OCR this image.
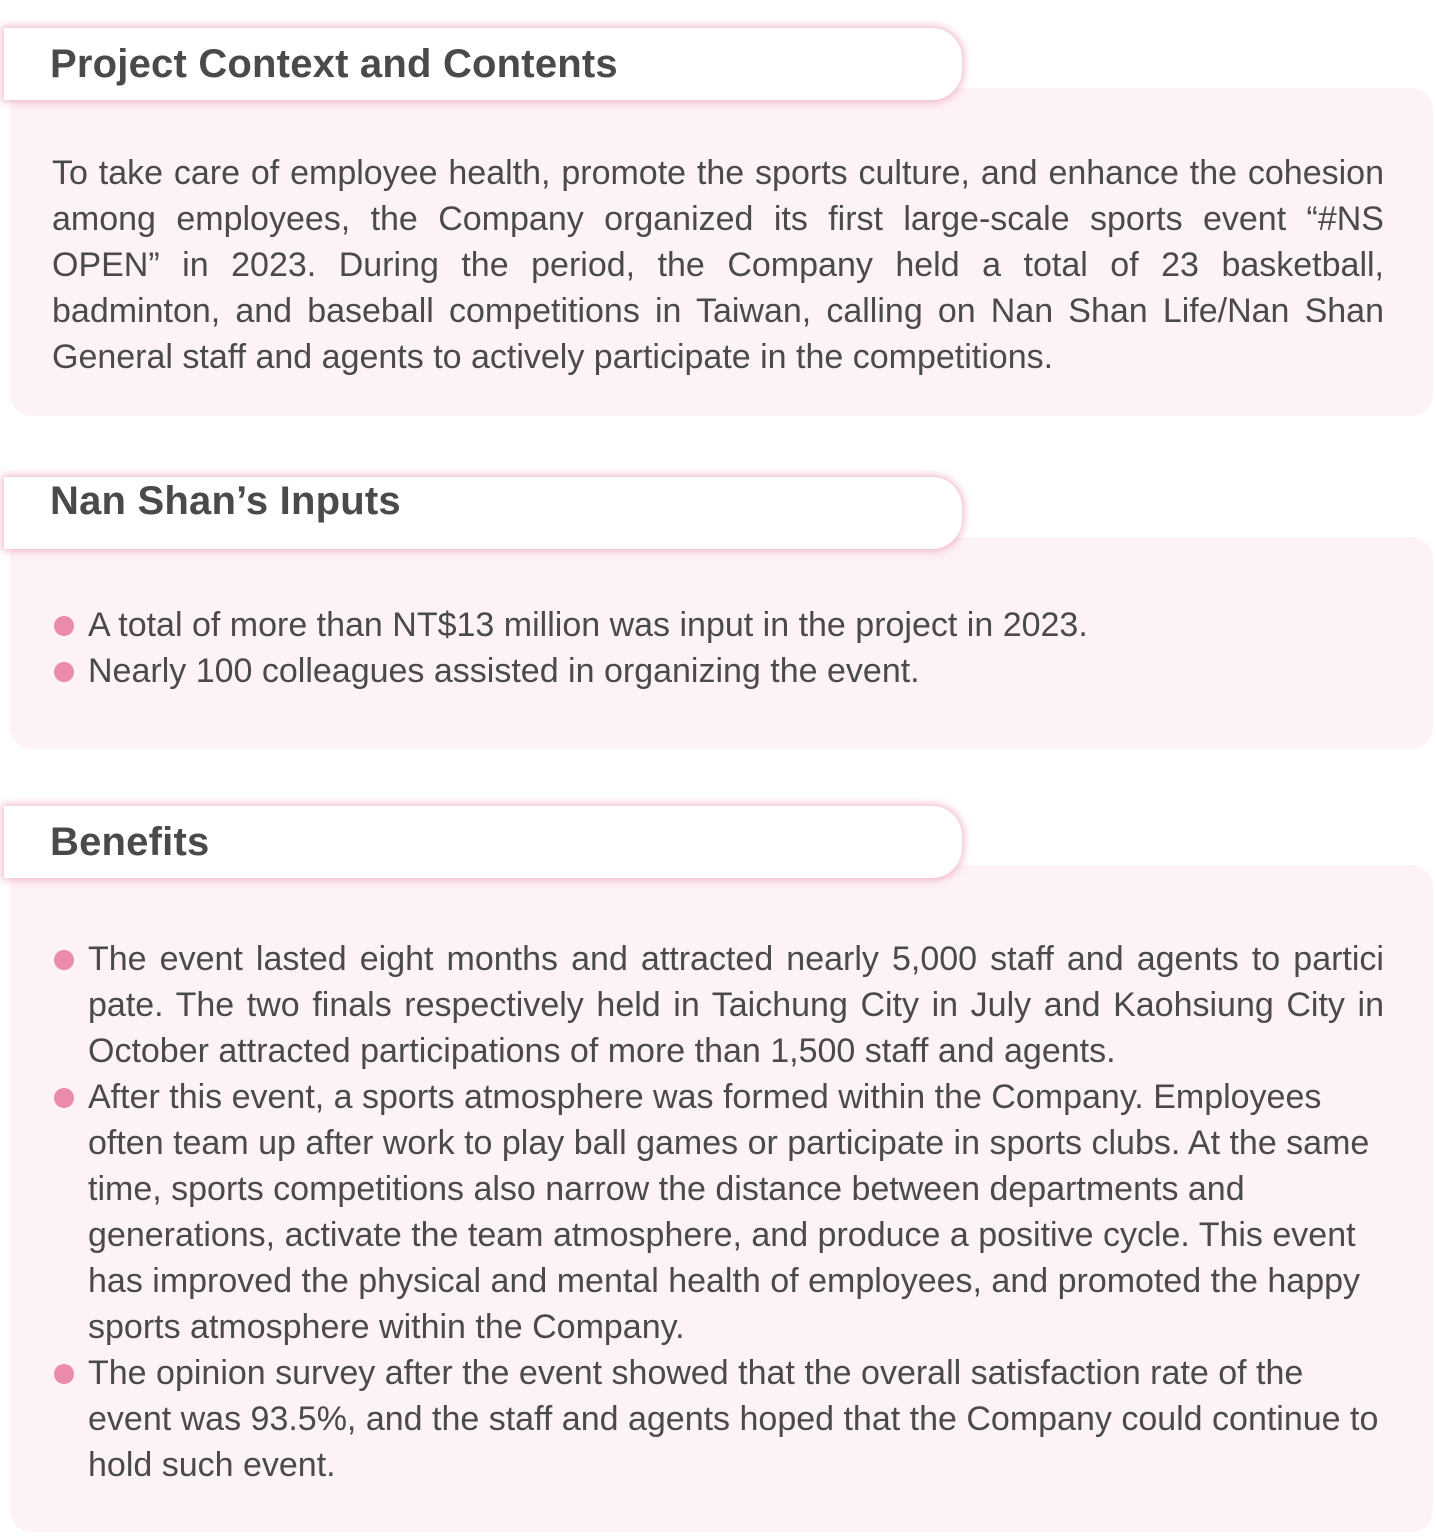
Project Context and Contents

To take care of employee health, promote the sports culture, and enhance the cohesion among employees, the Company organized its first large-scale sports event “#NS OPEN” in 2023. During the period, the Company held a total of 23 basketball, badminton, and baseball competitions in Taiwan, calling on Nan Shan Life/Nan Shan General staff and agents to actively participate in the competitions.

Nan Shan’s Inputs
A total of more than NT$13 million was input in the project in 2023.
Nearly 100 colleagues assisted in organizing the event.
Benefits
The event lasted eight months and attracted nearly 5,000 staff and agents to partici pate. The two finals respectively held in Taichung City in July and Kaohsiung City in October attracted participations of more than 1,500 staff and agents.
After this event, a sports atmosphere was formed within the Company. Employees often team up after work to play ball games or participate in sports clubs. At the same time, sports competitions also narrow the distance between departments and generations, activate the team atmosphere, and produce a positive cycle. This event has improved the physical and mental health of employees, and promoted the happy sports atmosphere within the Company.
The opinion survey after the event showed that the overall satisfaction rate of the event was 93.5%, and the staff and agents hoped that the Company could continue to hold such event.
